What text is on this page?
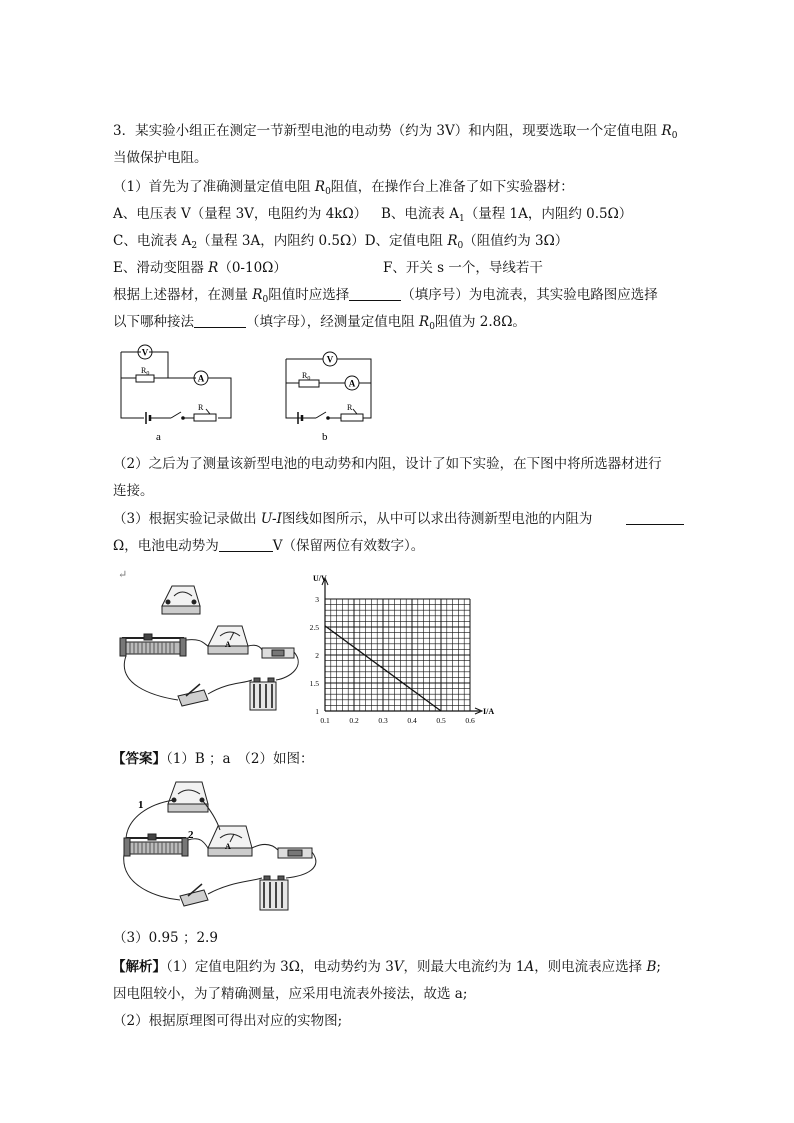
3．某实验小组正在测定一节新型电池的电动势（约为 3V）和内阻，现要选取一个定值电阻 $R_0$
当做保护电阻。
（1）首先为了准确测量定值电阻 $R_0$阻值，在操作台上准备了如下实验器材：
A、电压表 V（量程 3V，电阻约为 4kΩ） B、电流表 $A_1$（量程 1A，内阻约 0.5Ω）
C、电流表 $A_2$（量程 3A，内阻约 0.5Ω）D、定值电阻 $R_0$（阻值约为 3Ω）
E、滑动变阻器 R（0-10Ω）	F、开关 s 一个，导线若干
根据上述器材，在测量 $R_0$阻值时应选择	（填序号）为电流表，其实验电路图应选择
以下哪种接法	（填字母），经测量定值电阻 $R_0$阻值为 2.8Ω。
V
A
$R_0$
R
a
V
A
$R_0$
R
b
（2）之后为了测量该新型电池的电动势和内阻，设计了如下实验，在下图中将所选器材进行
连接。
（3）根据实验记录做出 U-I图线如图所示，从中可以求出待测新型电池的内阻为
Ω，电池电动势为	V（保留两位有效数字）。
↵
A
U/V
I/A
0.1	0.2	0.3	0.4	0.5	0.6
1
1.5
2
2.5
3
【答案】（1）B ；a　（2）如图：
A
1
2
（3）0.95 ；2.9
【解析】（1）定值电阻约为 3Ω，电动势约为 3V，则最大电流约为 1A，则电流表应选择 B;
因电阻较小，为了精确测量，应采用电流表外接法，故选 a;
（2）根据原理图可得出对应的实物图;
